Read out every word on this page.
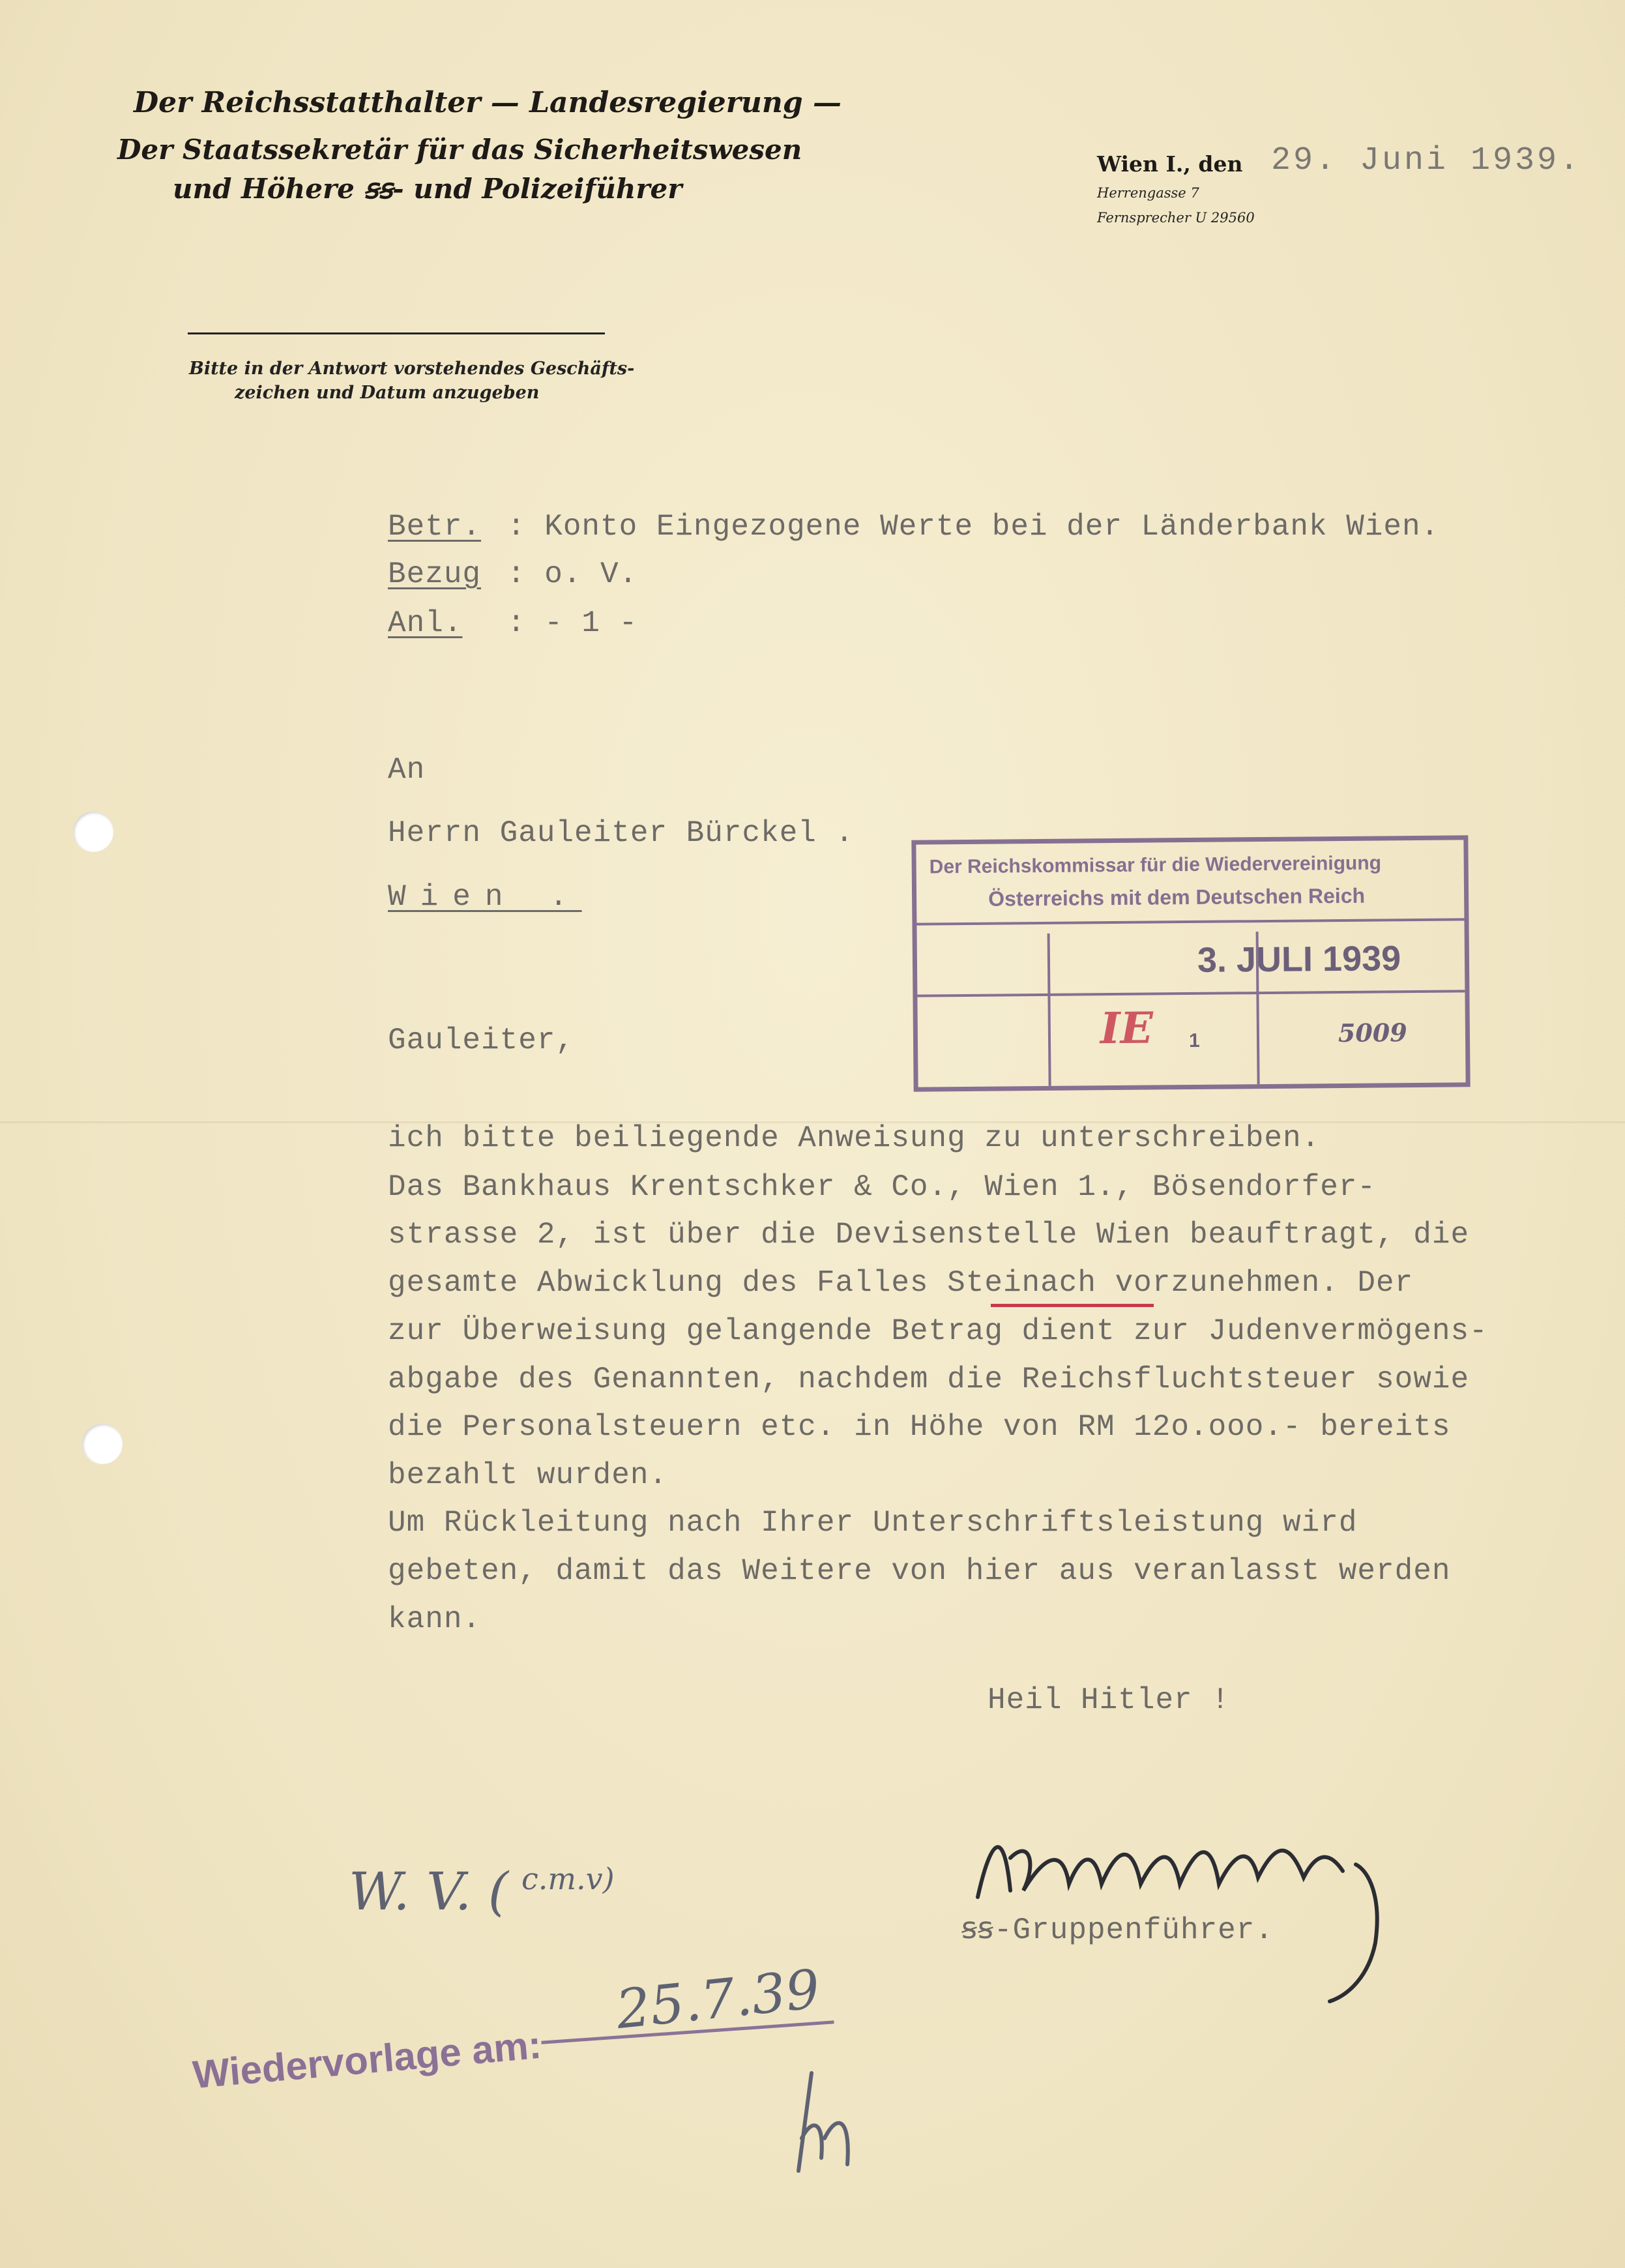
Der Reichsstatthalter — Landesregierung —
Der Staatssekretär für das Sicherheitswesen
und Höhere ꞩꞩ- und Polizeiführer
Bitte in der Antwort vorstehendes Geschäfts-
zeichen und Datum anzugeben
Wien I., den 29. Juni 1939.
Herrengasse 7
Fernsprecher U 29560
Betr. : Konto Eingezogene Werte bei der Länderbank Wien.
Bezug : o. V.
Anl. : - 1 -
An
Herrn Gauleiter Bürckel .
Wien .
Der Reichskommissar für die Wiedervereinigung
Österreichs mit dem Deutschen Reich
3. JULI 1939
IE 1	5009
Gauleiter,
ich bitte beiliegende Anweisung zu unterschreiben.
Das Bankhaus Krentschker & Co., Wien 1., Bösendorfer-
strasse 2, ist über die Devisenstelle Wien beauftragt, die
gesamte Abwicklung des Falles Steinach vorzunehmen. Der
zur Überweisung gelangende Betrag dient zur Judenvermögens-
abgabe des Genannten, nachdem die Reichsfluchtsteuer sowie
die Personalsteuern etc. in Höhe von RM 12o.ooo.- bereits
bezahlt wurden.
Um Rückleitung nach Ihrer Unterschriftsleistung wird
gebeten, damit das Weitere von hier aus veranlasst werden
kann.
Heil Hitler !
ꞩꞩ-Gruppenführer.
W. V. ( c.m.v)
Wiedervorlage am:
25.7.39
